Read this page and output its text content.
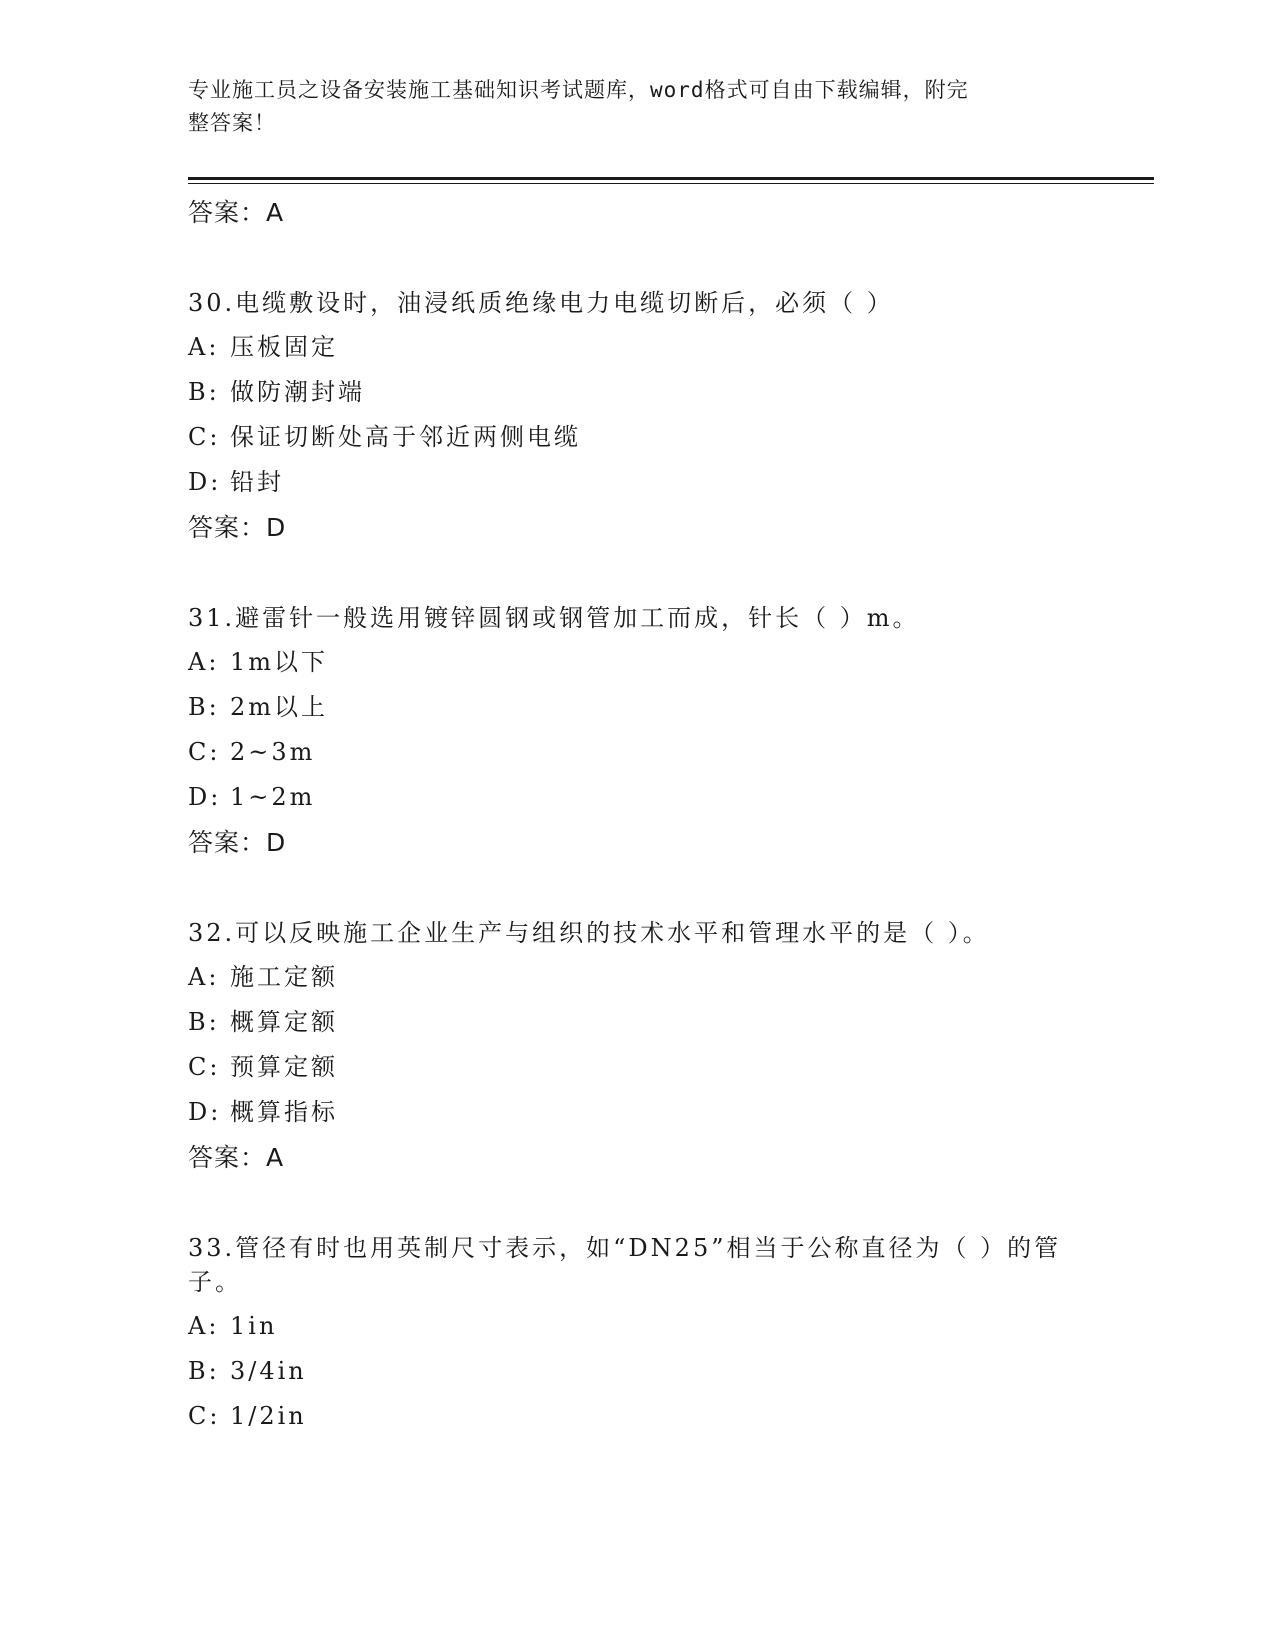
专业施工员之设备安装施工基础知识考试题库，word格式可自由下载编辑，附完
整答案！
答案：A
30.电缆敷设时，油浸纸质绝缘电力电缆切断后，必须（ ）
A: 压板固定
B: 做防潮封端
C: 保证切断处高于邻近两侧电缆
D: 铅封
答案：D
31.避雷针一般选用镀锌圆钢或钢管加工而成，针长（ ）m。
A: 1m以下
B: 2m以上
C: 2~3m
D: 1~2m
答案：D
32.可以反映施工企业生产与组织的技术水平和管理水平的是（ ）。
A: 施工定额
B: 概算定额
C: 预算定额
D: 概算指标
答案：A
33.管径有时也用英制尺寸表示，如“DN25”相当于公称直径为（ ）的管子。
A: 1in
B: 3/4in
C: 1/2in
